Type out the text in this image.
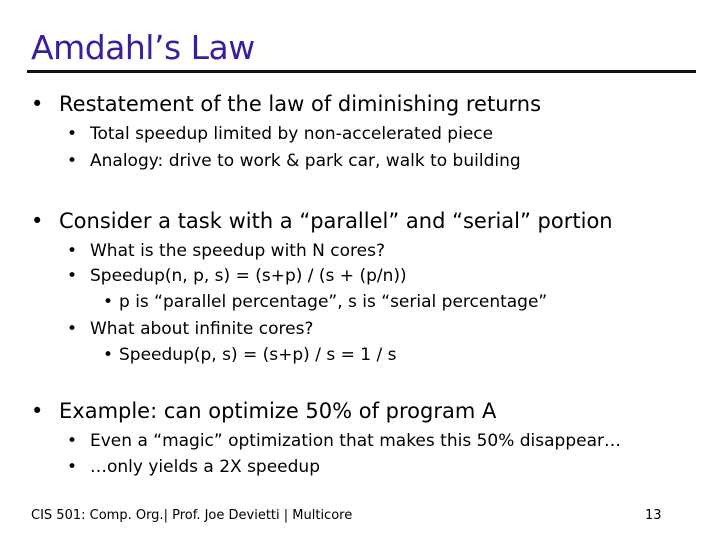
Amdahl’s Law
• Restatement of the law of diminishing returns
• Total speedup limited by non-accelerated piece
• Analogy: drive to work & park car, walk to building
• Consider a task with a “parallel” and “serial” portion
• What is the speedup with N cores?
• Speedup(n, p, s) = (s+p) / (s + (p/n))
• p is “parallel percentage”, s is “serial percentage”
• What about infinite cores?
• Speedup(p, s) = (s+p) / s = 1 / s
• Example: can optimize 50% of program A
• Even a “magic” optimization that makes this 50% disappear…
• …only yields a 2X speedup
CIS 501: Comp. Org.| Prof. Joe Devietti | Multicore	13
